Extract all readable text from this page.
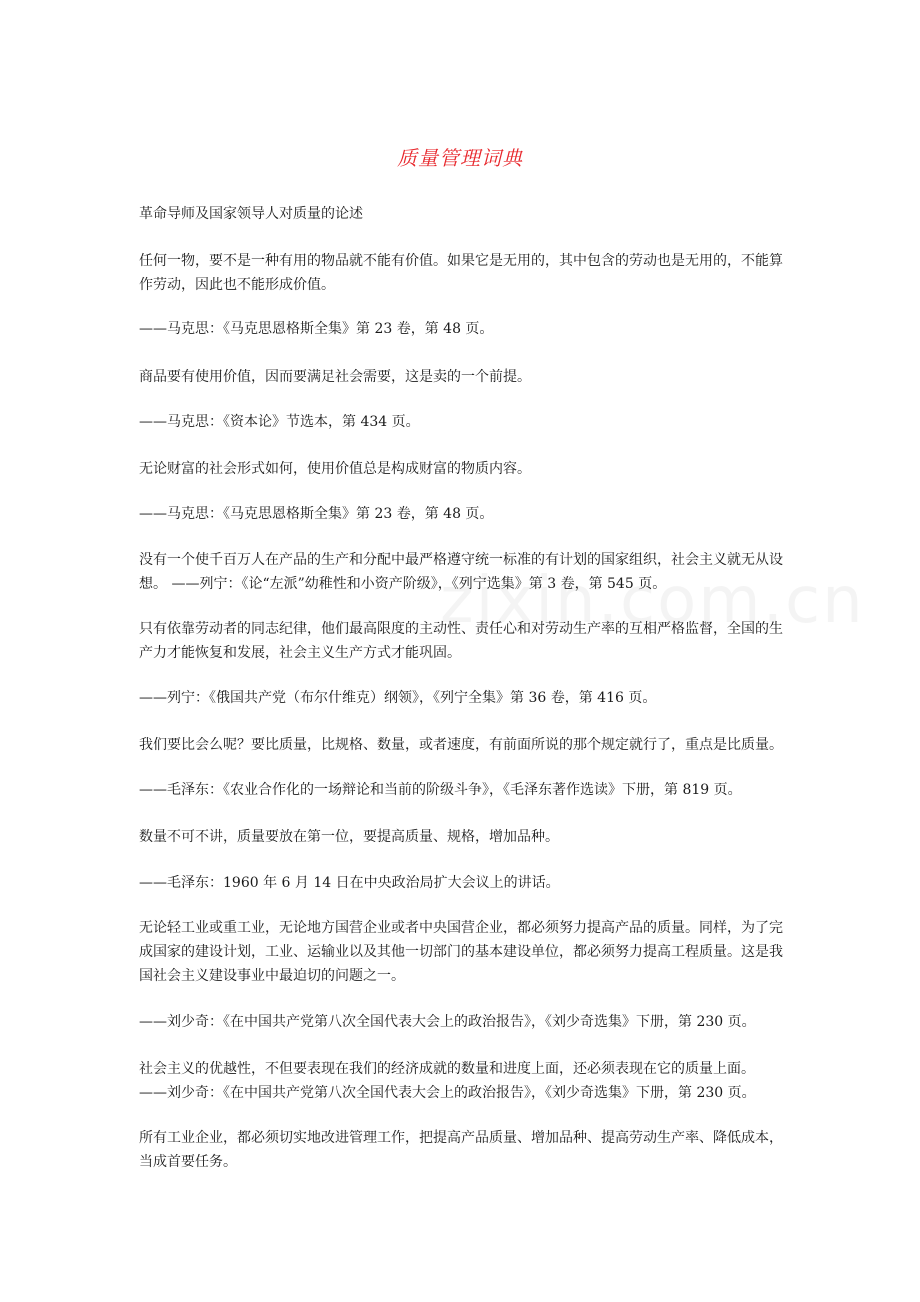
质量管理词典

革命导师及国家领导人对质量的论述

任何一物，要不是一种有用的物品就不能有价值。如果它是无用的，其中包含的劳动也是无用的，不能算作劳动，因此也不能形成价值。

——马克思：《马克思恩格斯全集》第 23 卷，第 48 页。

商品要有使用价值，因而要满足社会需要，这是卖的一个前提。

——马克思：《资本论》节选本，第 434 页。

无论财富的社会形式如何，使用价值总是构成财富的物质内容。

——马克思：《马克思恩格斯全集》第 23 卷，第 48 页。

没有一个使千百万人在产品的生产和分配中最严格遵守统一标准的有计划的国家组织，社会主义就无从设想。 ——列宁：《论“左派”幼稚性和小资产阶级》，《列宁选集》第 3 卷，第 545 页。

只有依靠劳动者的同志纪律，他们最高限度的主动性、责任心和对劳动生产率的互相严格监督，全国的生产力才能恢复和发展，社会主义生产方式才能巩固。

——列宁：《俄国共产党（布尔什维克）纲领》，《列宁全集》第 36 卷，第 416 页。

我们要比会么呢？要比质量，比规格、数量，或者速度，有前面所说的那个规定就行了，重点是比质量。

——毛泽东：《农业合作化的一场辩论和当前的阶级斗争》，《毛泽东著作选读》下册，第 819 页。

数量不可不讲，质量要放在第一位，要提高质量、规格，增加品种。

——毛泽东：1960 年 6 月 14 日在中央政治局扩大会议上的讲话。

无论轻工业或重工业，无论地方国营企业或者中央国营企业，都必须努力提高产品的质量。同样，为了完成国家的建设计划，工业、运输业以及其他一切部门的基本建设单位，都必须努力提高工程质量。这是我国社会主义建设事业中最迫切的问题之一。

——刘少奇：《在中国共产党第八次全国代表大会上的政治报告》，《刘少奇选集》下册，第 230 页。

社会主义的优越性，不但要表现在我们的经济成就的数量和进度上面，还必须表现在它的质量上面。 ——刘少奇：《在中国共产党第八次全国代表大会上的政治报告》，《刘少奇选集》下册，第 230 页。

所有工业企业，都必须切实地改进管理工作，把提高产品质量、增加品种、提高劳动生产率、降低成本，当成首要任务。
